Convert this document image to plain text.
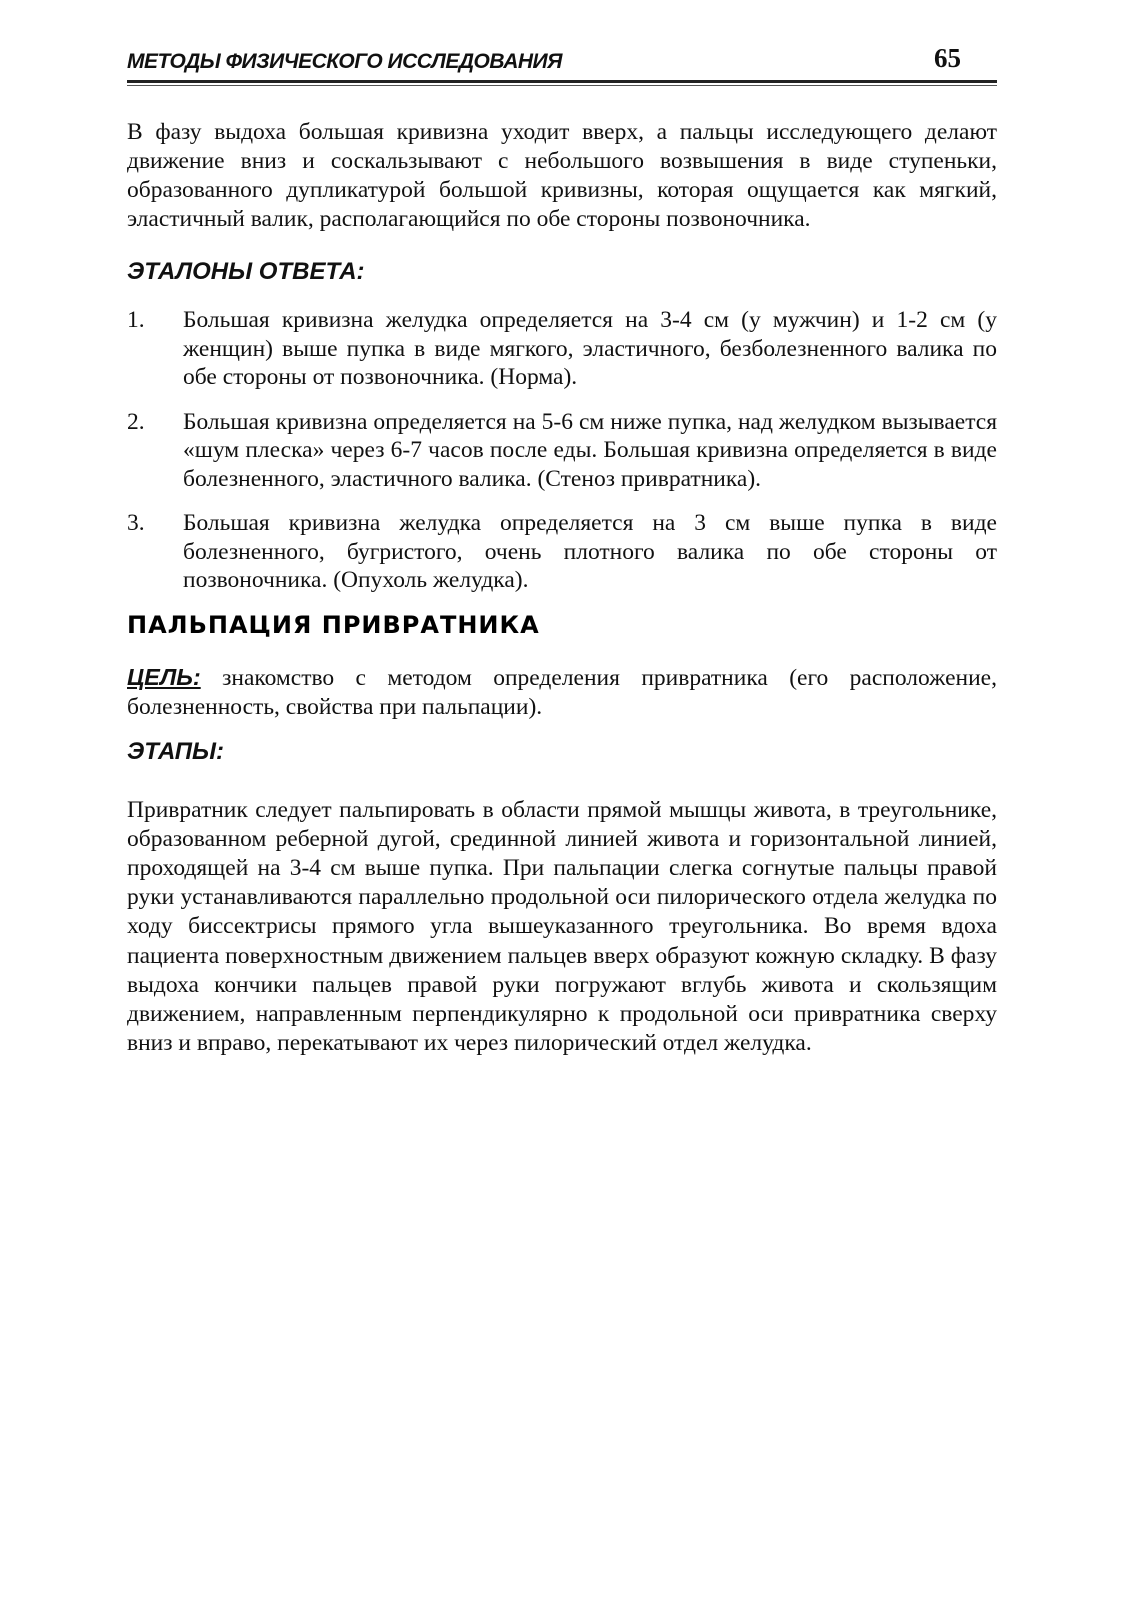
МЕТОДЫ ФИЗИЧЕСКОГО ИССЛЕДОВАНИЯ	65

В фазу выдоха большая кривизна уходит вверх, а пальцы исследующего делают движение вниз и соскальзывают с небольшого возвышения в виде ступеньки, образованного дупликатурой большой кривизны, которая ощущается как мягкий, эластичный валик, располагающийся по обе стороны позвоночника.

ЭТАЛОНЫ ОТВЕТА:

1.	Большая кривизна желудка определяется на 3-4 см (у мужчин) и 1-2 см (у женщин) выше пупка в виде мягкого, эластичного, безболезненного валика по обе стороны от позвоночника. (Норма).
2.	Большая кривизна определяется на 5-6 см ниже пупка, над желудком вызывается «шум плеска» через 6-7 часов после еды. Большая кривизна определяется в виде болезненного, эластичного валика. (Стеноз привратника).
3.	Большая кривизна желудка определяется на 3 см выше пупка в виде болезненного, бугристого, очень плотного валика по обе стороны от позвоночника. (Опухоль желудка).

ПАЛЬПАЦИЯ ПРИВРАТНИКА

ЦЕЛЬ: знакомство с методом определения привратника (его расположение, болезненность, свойства при пальпации).

ЭТАПЫ:

Привратник следует пальпировать в области прямой мышцы живота, в треугольнике, образованном реберной дугой, срединной линией живота и горизонтальной линией, проходящей на 3-4 см выше пупка. При пальпации слегка согнутые пальцы правой руки устанавливаются параллельно продольной оси пилорического отдела желудка по ходу биссектрисы прямого угла вышеуказанного треугольника. Во время вдоха пациента поверхностным движением пальцев вверх образуют кожную складку. В фазу выдоха кончики пальцев правой руки погружают вглубь живота и скользящим движением, направленным перпендикулярно к продольной оси привратника сверху вниз и вправо, перекатывают их через пилорический отдел желудка.
